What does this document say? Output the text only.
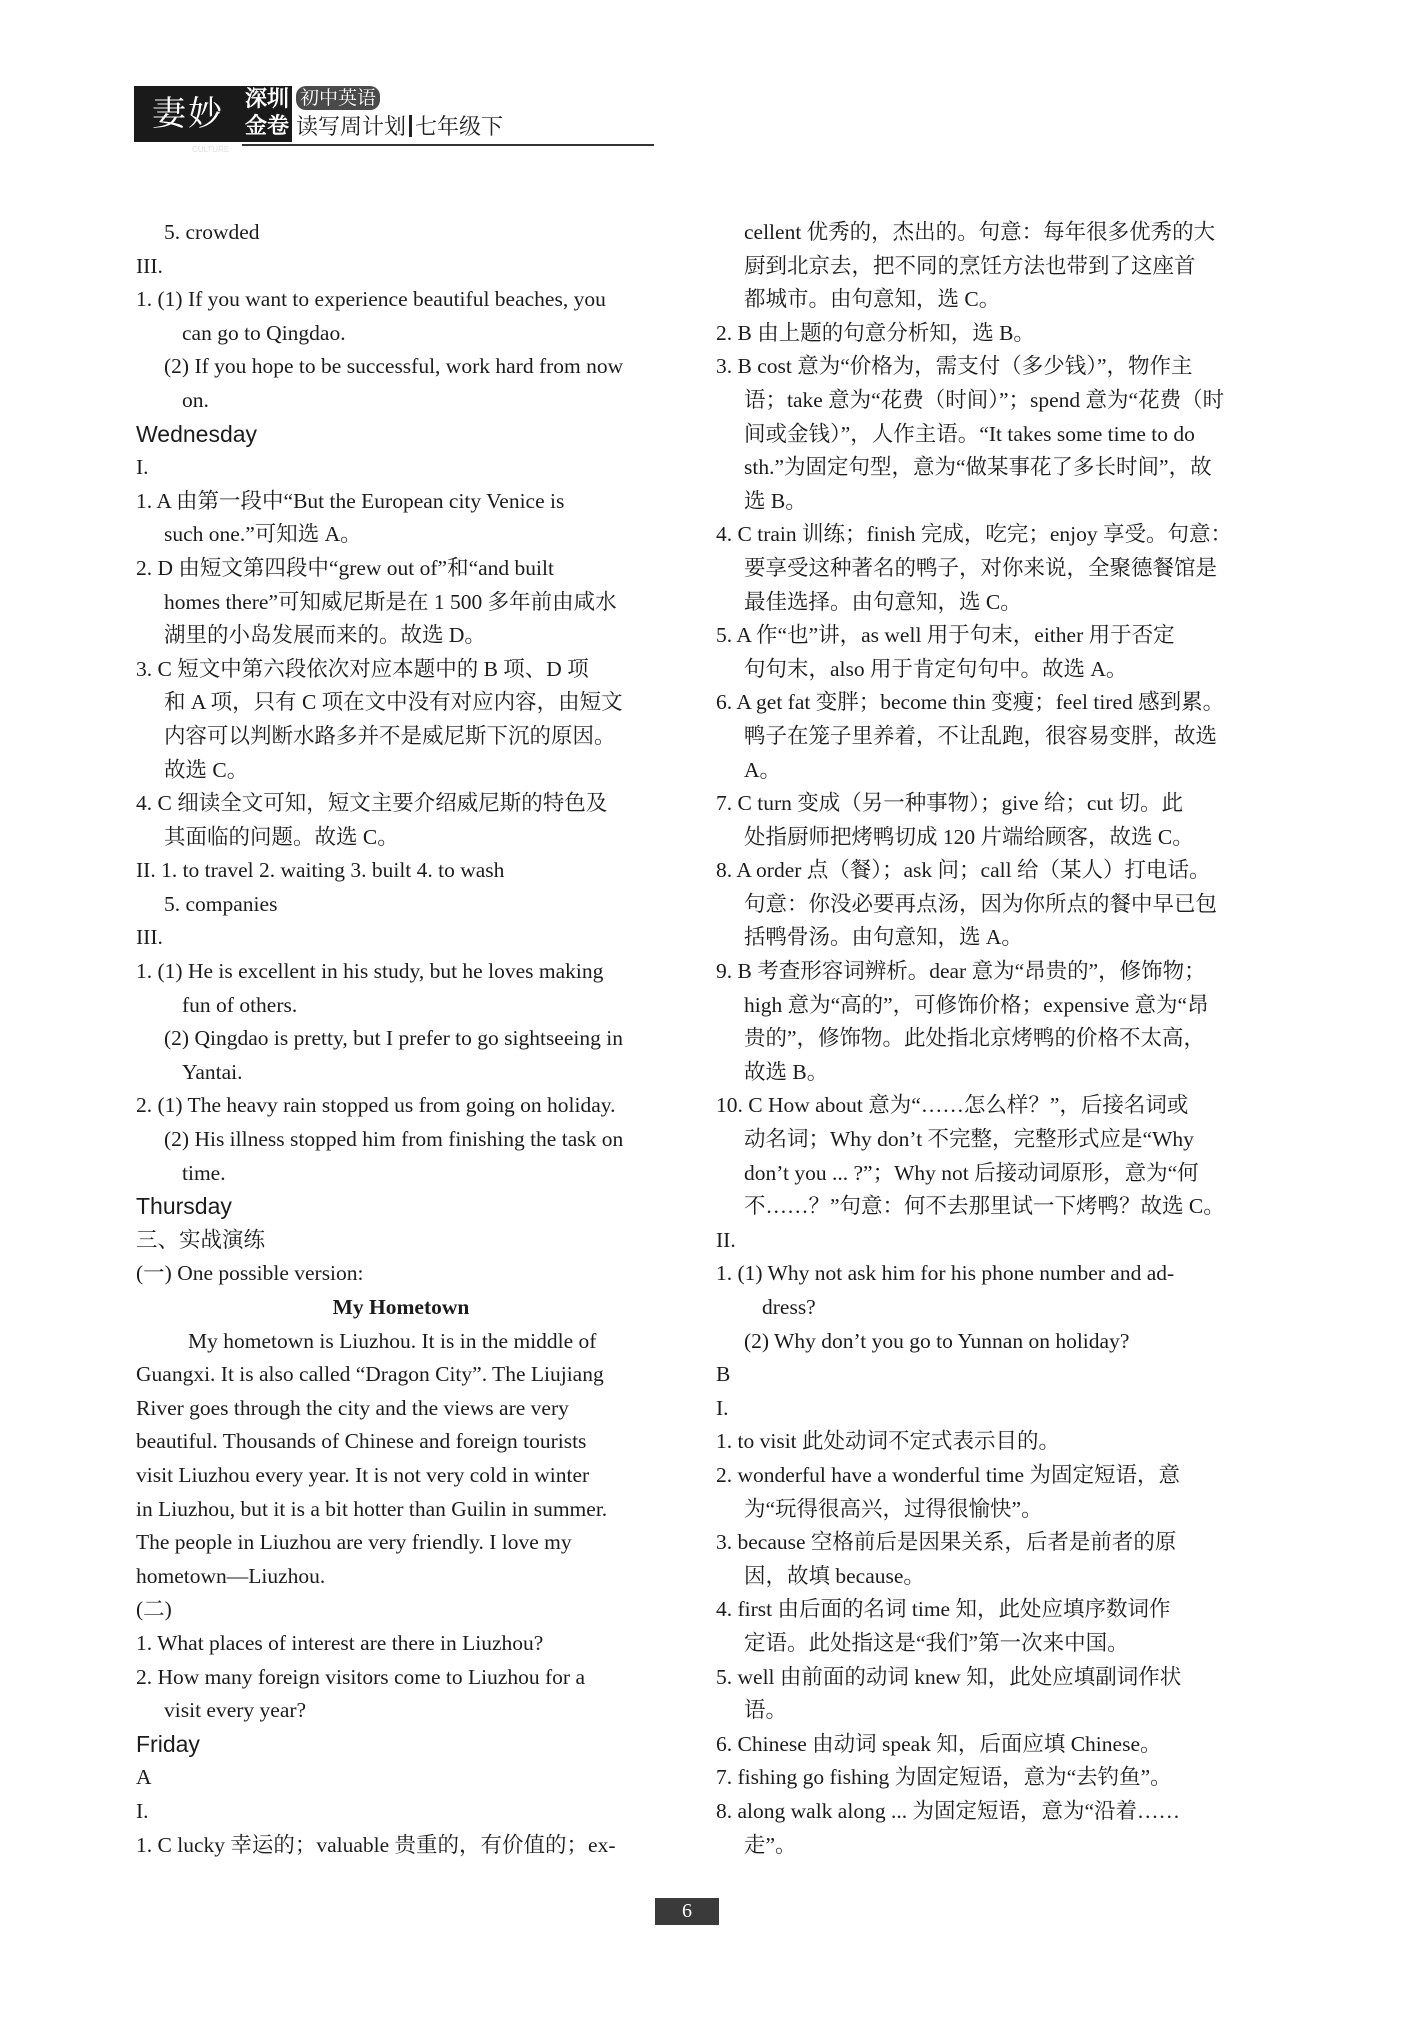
妻妙
CULTURE
深圳
金卷
初中英语
读写周计划 七年级下
5. crowded
III.
1. (1) If you want to experience beautiful beaches, you
can go to Qingdao.
(2) If you hope to be successful, work hard from now
on.
Wednesday
I.
1. A 由第一段中“But the European city Venice is
such one.”可知选 A。
2. D 由短文第四段中“grew out of”和“and built
homes there”可知威尼斯是在 1 500 多年前由咸水
湖里的小岛发展而来的。故选 D。
3. C 短文中第六段依次对应本题中的 B 项、D 项
和 A 项，只有 C 项在文中没有对应内容，由短文
内容可以判断水路多并不是威尼斯下沉的原因。
故选 C。
4. C 细读全文可知，短文主要介绍威尼斯的特色及
其面临的问题。故选 C。
II. 1. to travel 2. waiting 3. built 4. to wash
5. companies
III.
1. (1) He is excellent in his study, but he loves making
fun of others.
(2) Qingdao is pretty, but I prefer to go sightseeing in
Yantai.
2. (1) The heavy rain stopped us from going on holiday.
(2) His illness stopped him from finishing the task on
time.
Thursday
三、实战演练
(一) One possible version:
My Hometown
My hometown is Liuzhou. It is in the middle of
Guangxi. It is also called “Dragon City”. The Liujiang
River goes through the city and the views are very
beautiful. Thousands of Chinese and foreign tourists
visit Liuzhou every year. It is not very cold in winter
in Liuzhou, but it is a bit hotter than Guilin in summer.
The people in Liuzhou are very friendly. I love my
hometown—Liuzhou.
(二)
1. What places of interest are there in Liuzhou?
2. How many foreign visitors come to Liuzhou for a
visit every year?
Friday
A
I.
1. C lucky 幸运的；valuable 贵重的，有价值的；ex-
cellent 优秀的，杰出的。句意：每年很多优秀的大
厨到北京去，把不同的烹饪方法也带到了这座首
都城市。由句意知，选 C。
2. B 由上题的句意分析知，选 B。
3. B cost 意为“价格为，需支付（多少钱）”，物作主
语；take 意为“花费（时间）”；spend 意为“花费（时
间或金钱）”，人作主语。“It takes some time to do
sth.”为固定句型，意为“做某事花了多长时间”，故
选 B。
4. C train 训练；finish 完成，吃完；enjoy 享受。句意：
要享受这种著名的鸭子，对你来说，全聚德餐馆是
最佳选择。由句意知，选 C。
5. A 作“也”讲，as well 用于句末，either 用于否定
句句末，also 用于肯定句句中。故选 A。
6. A get fat 变胖；become thin 变瘦；feel tired 感到累。
鸭子在笼子里养着，不让乱跑，很容易变胖，故选
A。
7. C turn 变成（另一种事物）；give 给；cut 切。此
处指厨师把烤鸭切成 120 片端给顾客，故选 C。
8. A order 点（餐）；ask 问；call 给（某人）打电话。
句意：你没必要再点汤，因为你所点的餐中早已包
括鸭骨汤。由句意知，选 A。
9. B 考查形容词辨析。dear 意为“昂贵的”，修饰物；
high 意为“高的”，可修饰价格；expensive 意为“昂
贵的”，修饰物。此处指北京烤鸭的价格不太高，
故选 B。
10. C How about 意为“……怎么样？”，后接名词或
动名词；Why don’t 不完整，完整形式应是“Why
don’t you ... ?”；Why not 后接动词原形，意为“何
不……？”句意：何不去那里试一下烤鸭？故选 C。
II.
1. (1) Why not ask him for his phone number and ad-
dress?
(2) Why don’t you go to Yunnan on holiday?
B
I.
1. to visit 此处动词不定式表示目的。
2. wonderful have a wonderful time 为固定短语，意
为“玩得很高兴，过得很愉快”。
3. because 空格前后是因果关系，后者是前者的原
因，故填 because。
4. first 由后面的名词 time 知，此处应填序数词作
定语。此处指这是“我们”第一次来中国。
5. well 由前面的动词 knew 知，此处应填副词作状
语。
6. Chinese 由动词 speak 知，后面应填 Chinese。
7. fishing go fishing 为固定短语，意为“去钓鱼”。
8. along walk along ... 为固定短语，意为“沿着……
走”。
6
